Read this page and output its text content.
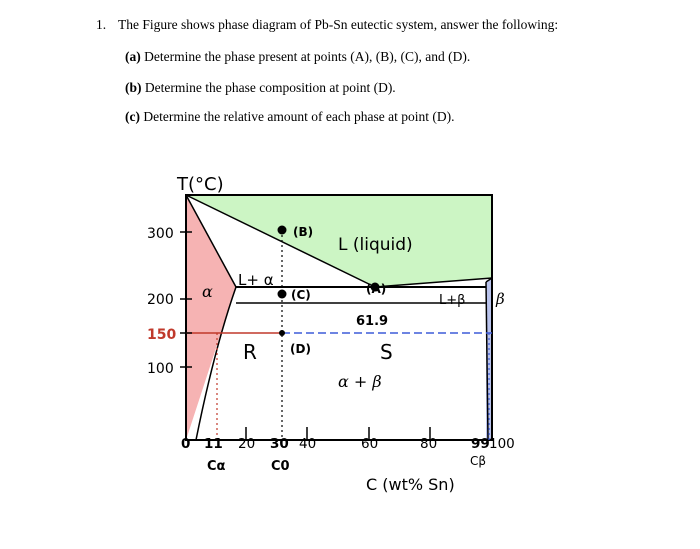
1. The Figure shows phase diagram of Pb-Sn eutectic system, answer the following:
(a) Determine the phase present at points (A), (B), (C), and (D).
(b) Determine the phase composition at point (D).
(c) Determine the relative amount of each phase at point (D).
T(°C)
300
200
150
100
0 11 20 30 40	60	80	99 100
Cα	C0	Cβ
C (wt% Sn)
L (liquid)
L+ α
L+β
α	β
α + β
(A)
(B)
(C)
(D)
61.9
R	S
